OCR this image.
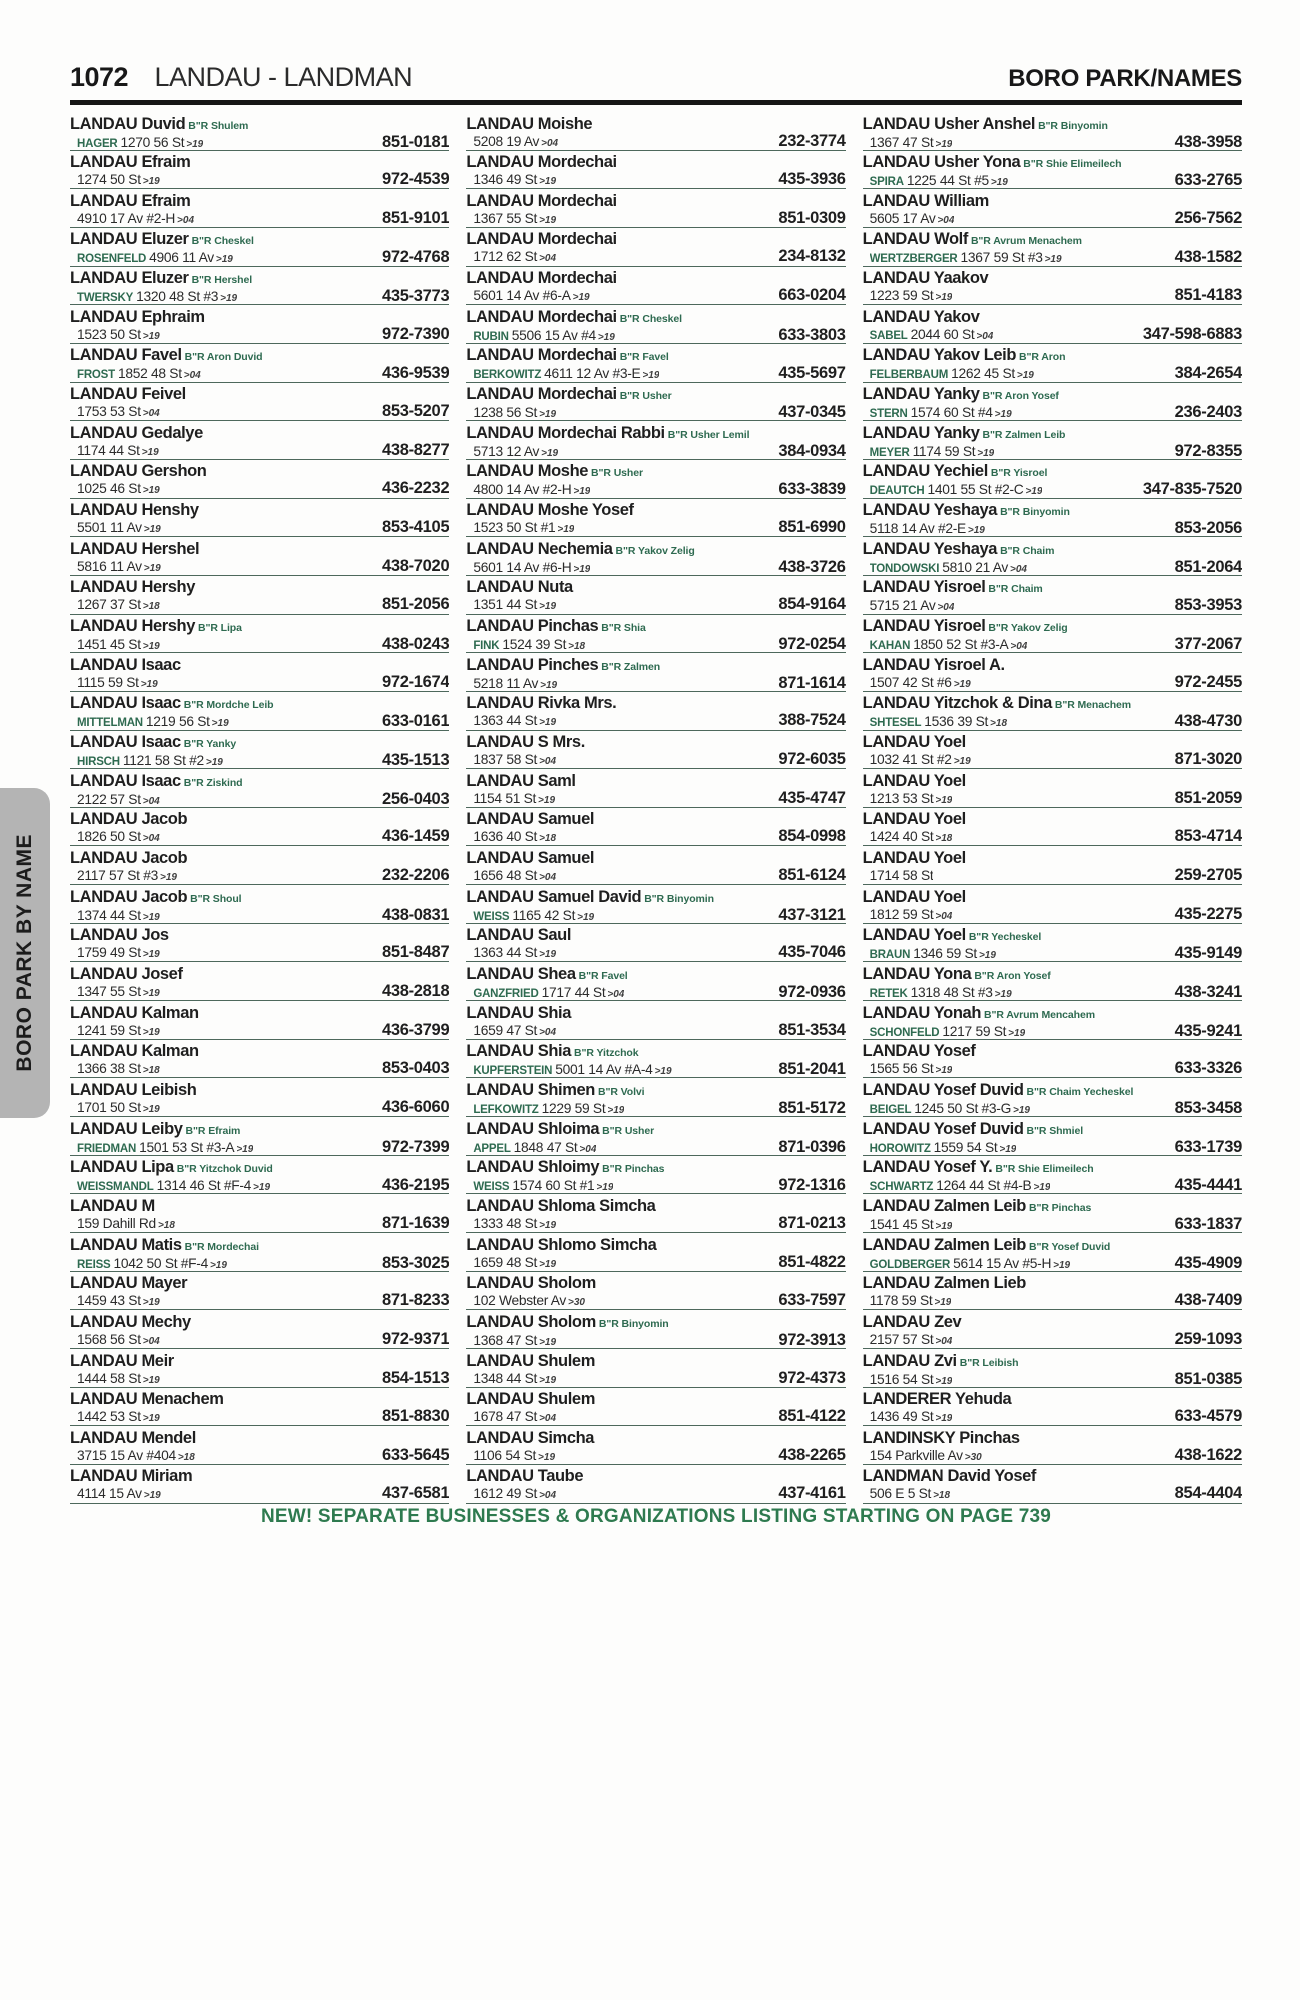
BORO PARK BY NAME
1072 LANDAU - LANDMAN	BORO PARK/NAMES
LANDAU Duvid B"R Shulem
HAGER 1270 56 St >19	851-0181
LANDAU Efraim
1274 50 St >19	972-4539
LANDAU Efraim
4910 17 Av #2-H >04	851-9101
LANDAU Eluzer B"R Cheskel
ROSENFELD 4906 11 Av >19	972-4768
LANDAU Eluzer B"R Hershel
TWERSKY 1320 48 St #3 >19	435-3773
LANDAU Ephraim
1523 50 St >19	972-7390
LANDAU Favel B"R Aron Duvid
FROST 1852 48 St >04	436-9539
LANDAU Feivel
1753 53 St >04	853-5207
LANDAU Gedalye
1174 44 St >19	438-8277
LANDAU Gershon
1025 46 St >19	436-2232
LANDAU Henshy
5501 11 Av >19	853-4105
LANDAU Hershel
5816 11 Av >19	438-7020
LANDAU Hershy
1267 37 St >18	851-2056
LANDAU Hershy B"R Lipa
1451 45 St >19	438-0243
LANDAU Isaac
1115 59 St >19	972-1674
LANDAU Isaac B"R Mordche Leib
MITTELMAN 1219 56 St >19	633-0161
LANDAU Isaac B"R Yanky
HIRSCH 1121 58 St #2 >19	435-1513
LANDAU Isaac B"R Ziskind
2122 57 St >04	256-0403
LANDAU Jacob
1826 50 St >04	436-1459
LANDAU Jacob
2117 57 St #3 >19	232-2206
LANDAU Jacob B"R Shoul
1374 44 St >19	438-0831
LANDAU Jos
1759 49 St >19	851-8487
LANDAU Josef
1347 55 St >19	438-2818
LANDAU Kalman
1241 59 St >19	436-3799
LANDAU Kalman
1366 38 St >18	853-0403
LANDAU Leibish
1701 50 St >19	436-6060
LANDAU Leiby B"R Efraim
FRIEDMAN 1501 53 St #3-A >19	972-7399
LANDAU Lipa B"R Yitzchok Duvid
WEISSMANDL 1314 46 St #F-4 >19	436-2195
LANDAU M
159 Dahill Rd >18	871-1639
LANDAU Matis B"R Mordechai
REISS 1042 50 St #F-4 >19	853-3025
LANDAU Mayer
1459 43 St >19	871-8233
LANDAU Mechy
1568 56 St >04	972-9371
LANDAU Meir
1444 58 St >19	854-1513
LANDAU Menachem
1442 53 St >19	851-8830
LANDAU Mendel
3715 15 Av #404 >18	633-5645
LANDAU Miriam
4114 15 Av >19	437-6581
LANDAU Moishe
5208 19 Av >04	232-3774
LANDAU Mordechai
1346 49 St >19	435-3936
LANDAU Mordechai
1367 55 St >19	851-0309
LANDAU Mordechai
1712 62 St >04	234-8132
LANDAU Mordechai
5601 14 Av #6-A >19	663-0204
LANDAU Mordechai B"R Cheskel
RUBIN 5506 15 Av #4 >19	633-3803
LANDAU Mordechai B"R Favel
BERKOWITZ 4611 12 Av #3-E >19	435-5697
LANDAU Mordechai B"R Usher
1238 56 St >19	437-0345
LANDAU Mordechai Rabbi B"R Usher Lemil
5713 12 Av >19	384-0934
LANDAU Moshe B"R Usher
4800 14 Av #2-H >19	633-3839
LANDAU Moshe Yosef
1523 50 St #1 >19	851-6990
LANDAU Nechemia B"R Yakov Zelig
5601 14 Av #6-H >19	438-3726
LANDAU Nuta
1351 44 St >19	854-9164
LANDAU Pinchas B"R Shia
FINK 1524 39 St >18	972-0254
LANDAU Pinches B"R Zalmen
5218 11 Av >19	871-1614
LANDAU Rivka Mrs.
1363 44 St >19	388-7524
LANDAU S Mrs.
1837 58 St >04	972-6035
LANDAU Saml
1154 51 St >19	435-4747
LANDAU Samuel
1636 40 St >18	854-0998
LANDAU Samuel
1656 48 St >04	851-6124
LANDAU Samuel David B"R Binyomin
WEISS 1165 42 St >19	437-3121
LANDAU Saul
1363 44 St >19	435-7046
LANDAU Shea B"R Favel
GANZFRIED 1717 44 St >04	972-0936
LANDAU Shia
1659 47 St >04	851-3534
LANDAU Shia B"R Yitzchok
KUPFERSTEIN 5001 14 Av #A-4 >19	851-2041
LANDAU Shimen B"R Volvi
LEFKOWITZ 1229 59 St >19	851-5172
LANDAU Shloima B"R Usher
APPEL 1848 47 St >04	871-0396
LANDAU Shloimy B"R Pinchas
WEISS 1574 60 St #1 >19	972-1316
LANDAU Shloma Simcha
1333 48 St >19	871-0213
LANDAU Shlomo Simcha
1659 48 St >19	851-4822
LANDAU Sholom
102 Webster Av >30	633-7597
LANDAU Sholom B"R Binyomin
1368 47 St >19	972-3913
LANDAU Shulem
1348 44 St >19	972-4373
LANDAU Shulem
1678 47 St >04	851-4122
LANDAU Simcha
1106 54 St >19	438-2265
LANDAU Taube
1612 49 St >04	437-4161
LANDAU Usher Anshel B"R Binyomin
1367 47 St >19	438-3958
LANDAU Usher Yona B"R Shie Elimeilech
SPIRA 1225 44 St #5 >19	633-2765
LANDAU William
5605 17 Av >04	256-7562
LANDAU Wolf B"R Avrum Menachem
WERTZBERGER 1367 59 St #3 >19	438-1582
LANDAU Yaakov
1223 59 St >19	851-4183
LANDAU Yakov
SABEL 2044 60 St >04	347-598-6883
LANDAU Yakov Leib B"R Aron
FELBERBAUM 1262 45 St >19	384-2654
LANDAU Yanky B"R Aron Yosef
STERN 1574 60 St #4 >19	236-2403
LANDAU Yanky B"R Zalmen Leib
MEYER 1174 59 St >19	972-8355
LANDAU Yechiel B"R Yisroel
DEAUTCH 1401 55 St #2-C >19	347-835-7520
LANDAU Yeshaya B"R Binyomin
5118 14 Av #2-E >19	853-2056
LANDAU Yeshaya B"R Chaim
TONDOWSKI 5810 21 Av >04	851-2064
LANDAU Yisroel B"R Chaim
5715 21 Av >04	853-3953
LANDAU Yisroel B"R Yakov Zelig
KAHAN 1850 52 St #3-A >04	377-2067
LANDAU Yisroel A.
1507 42 St #6 >19	972-2455
LANDAU Yitzchok & Dina B"R Menachem
SHTESEL 1536 39 St >18	438-4730
LANDAU Yoel
1032 41 St #2 >19	871-3020
LANDAU Yoel
1213 53 St >19	851-2059
LANDAU Yoel
1424 40 St >18	853-4714
LANDAU Yoel
1714 58 St	259-2705
LANDAU Yoel
1812 59 St >04	435-2275
LANDAU Yoel B"R Yecheskel
BRAUN 1346 59 St >19	435-9149
LANDAU Yona B"R Aron Yosef
RETEK 1318 48 St #3 >19	438-3241
LANDAU Yonah B"R Avrum Mencahem
SCHONFELD 1217 59 St >19	435-9241
LANDAU Yosef
1565 56 St >19	633-3326
LANDAU Yosef Duvid B"R Chaim Yecheskel
BEIGEL 1245 50 St #3-G >19	853-3458
LANDAU Yosef Duvid B"R Shmiel
HOROWITZ 1559 54 St >19	633-1739
LANDAU Yosef Y. B"R Shie Elimeilech
SCHWARTZ 1264 44 St #4-B >19	435-4441
LANDAU Zalmen Leib B"R Pinchas
1541 45 St >19	633-1837
LANDAU Zalmen Leib B"R Yosef Duvid
GOLDBERGER 5614 15 Av #5-H >19	435-4909
LANDAU Zalmen Lieb
1178 59 St >19	438-7409
LANDAU Zev
2157 57 St >04	259-1093
LANDAU Zvi B"R Leibish
1516 54 St >19	851-0385
LANDERER Yehuda
1436 49 St >19	633-4579
LANDINSKY Pinchas
154 Parkville Av >30	438-1622
LANDMAN David Yosef
506 E 5 St >18	854-4404
NEW! SEPARATE BUSINESSES & ORGANIZATIONS LISTING STARTING ON PAGE 739
